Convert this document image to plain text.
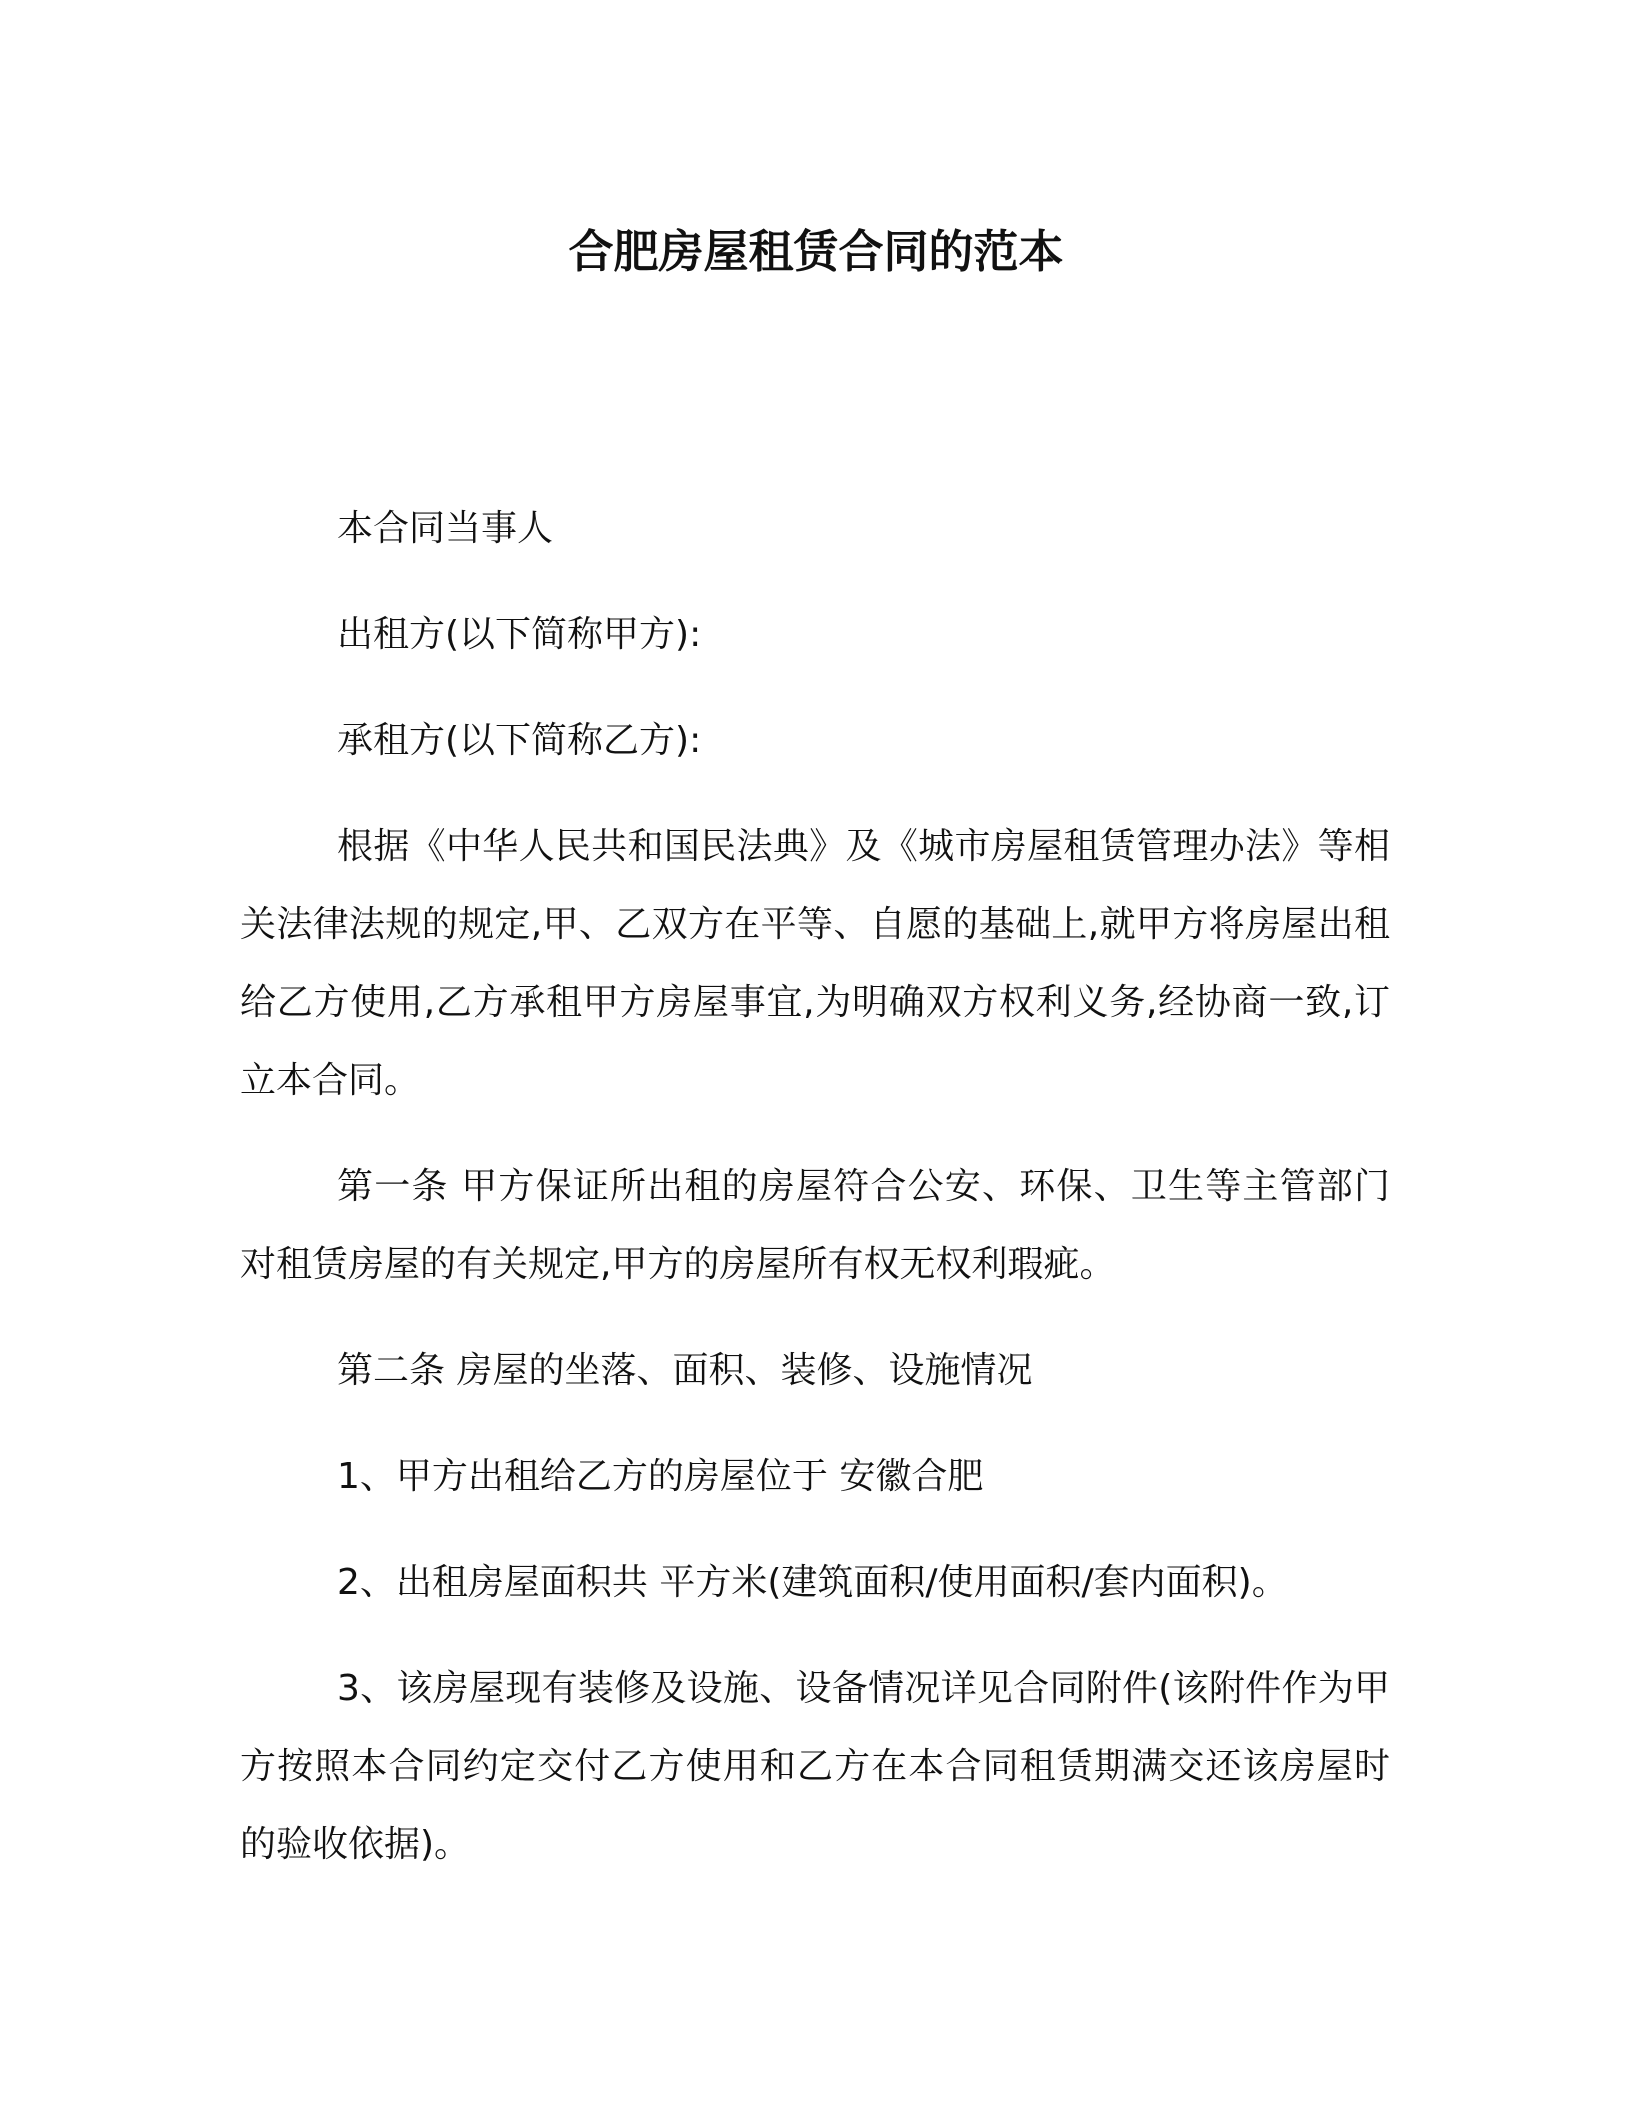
合肥房屋租赁合同的范本

本合同当事人

出租方(以下简称甲方):

承租方(以下简称乙方):

根据《中华人民共和国民法典》及《城市房屋租赁管理办法》等相关法律法规的规定,甲、乙双方在平等、自愿的基础上,就甲方将房屋出租给乙方使用,乙方承租甲方房屋事宜,为明确双方权利义务,经协商一致,订立本合同。

第一条 甲方保证所出租的房屋符合公安、环保、卫生等主管部门对租赁房屋的有关规定,甲方的房屋所有权无权利瑕疵。

第二条 房屋的坐落、面积、装修、设施情况

1、甲方出租给乙方的房屋位于 安徽合肥

2、出租房屋面积共 平方米(建筑面积/使用面积/套内面积)。

3、该房屋现有装修及设施、设备情况详见合同附件(该附件作为甲方按照本合同约定交付乙方使用和乙方在本合同租赁期满交还该房屋时的验收依据)。
